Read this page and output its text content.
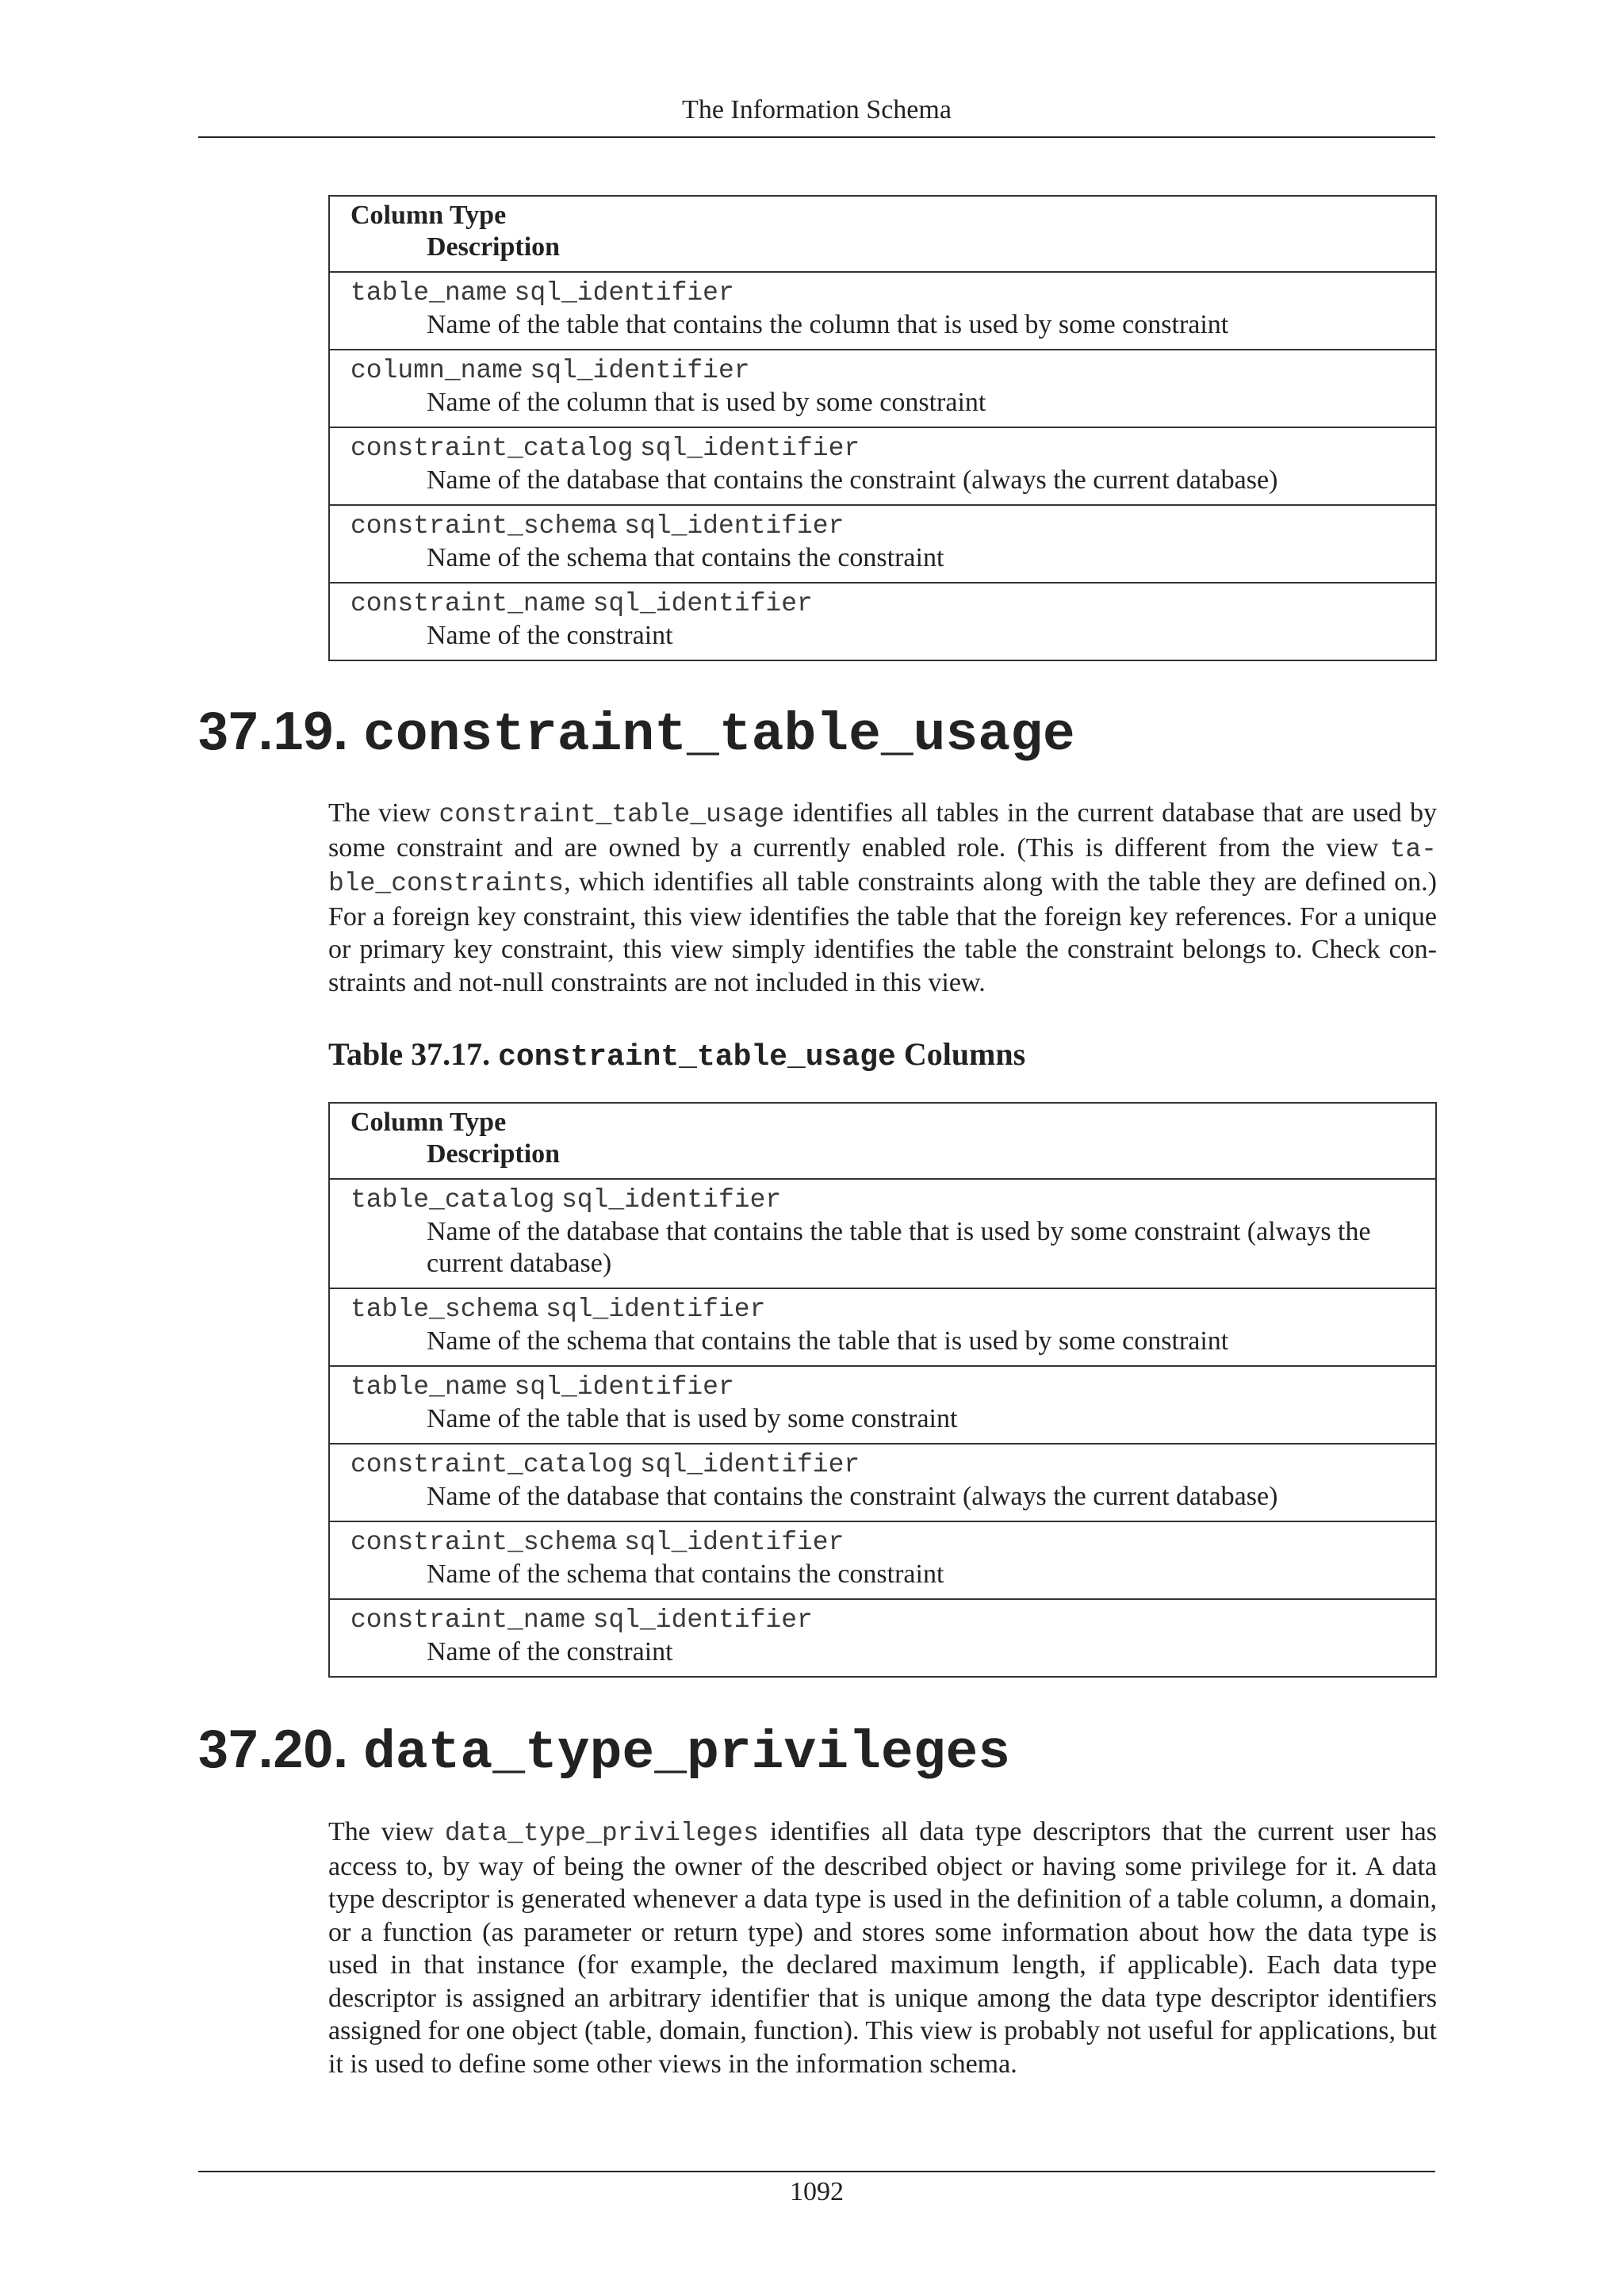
The Information Schema
Column Type
Description

table_name sql_identifier
Name of the table that contains the column that is used by some constraint

column_name sql_identifier
Name of the column that is used by some constraint

constraint_catalog sql_identifier
Name of the database that contains the constraint (always the current database)

constraint_schema sql_identifier
Name of the schema that contains the constraint

constraint_name sql_identifier
Name of the constraint
37.19. constraint_table_usage

The view constraint_table_usage identifies all tables in the current database that are used by some constraint and are owned by a currently enabled role. (This is different from the view ta- ble_constraints, which identifies all table constraints along with the table they are defined on.) For a foreign key constraint, this view identifies the table that the foreign key references. For a unique or primary key constraint, this view simply identifies the table the constraint belongs to. Check con-straints and not-null constraints are not included in this view.

Table 37.17. constraint_table_usage Columns
Column Type
Description

table_catalog sql_identifier
Name of the database that contains the table that is used by some constraint (always the current database)

table_schema sql_identifier
Name of the schema that contains the table that is used by some constraint

table_name sql_identifier
Name of the table that is used by some constraint

constraint_catalog sql_identifier
Name of the database that contains the constraint (always the current database)

constraint_schema sql_identifier
Name of the schema that contains the constraint

constraint_name sql_identifier
Name of the constraint
37.20. data_type_privileges

The view data_type_privileges identifies all data type descriptors that the current user has access to, by way of being the owner of the described object or having some privilege for it. A data type descriptor is generated whenever a data type is used in the definition of a table column, a domain, or a function (as parameter or return type) and stores some information about how the data type is used in that instance (for example, the declared maximum length, if applicable). Each data type descriptor is assigned an arbitrary identifier that is unique among the data type descriptor identifiers assigned for one object (table, domain, function). This view is probably not useful for applications, but it is used to define some other views in the information schema.

1092
